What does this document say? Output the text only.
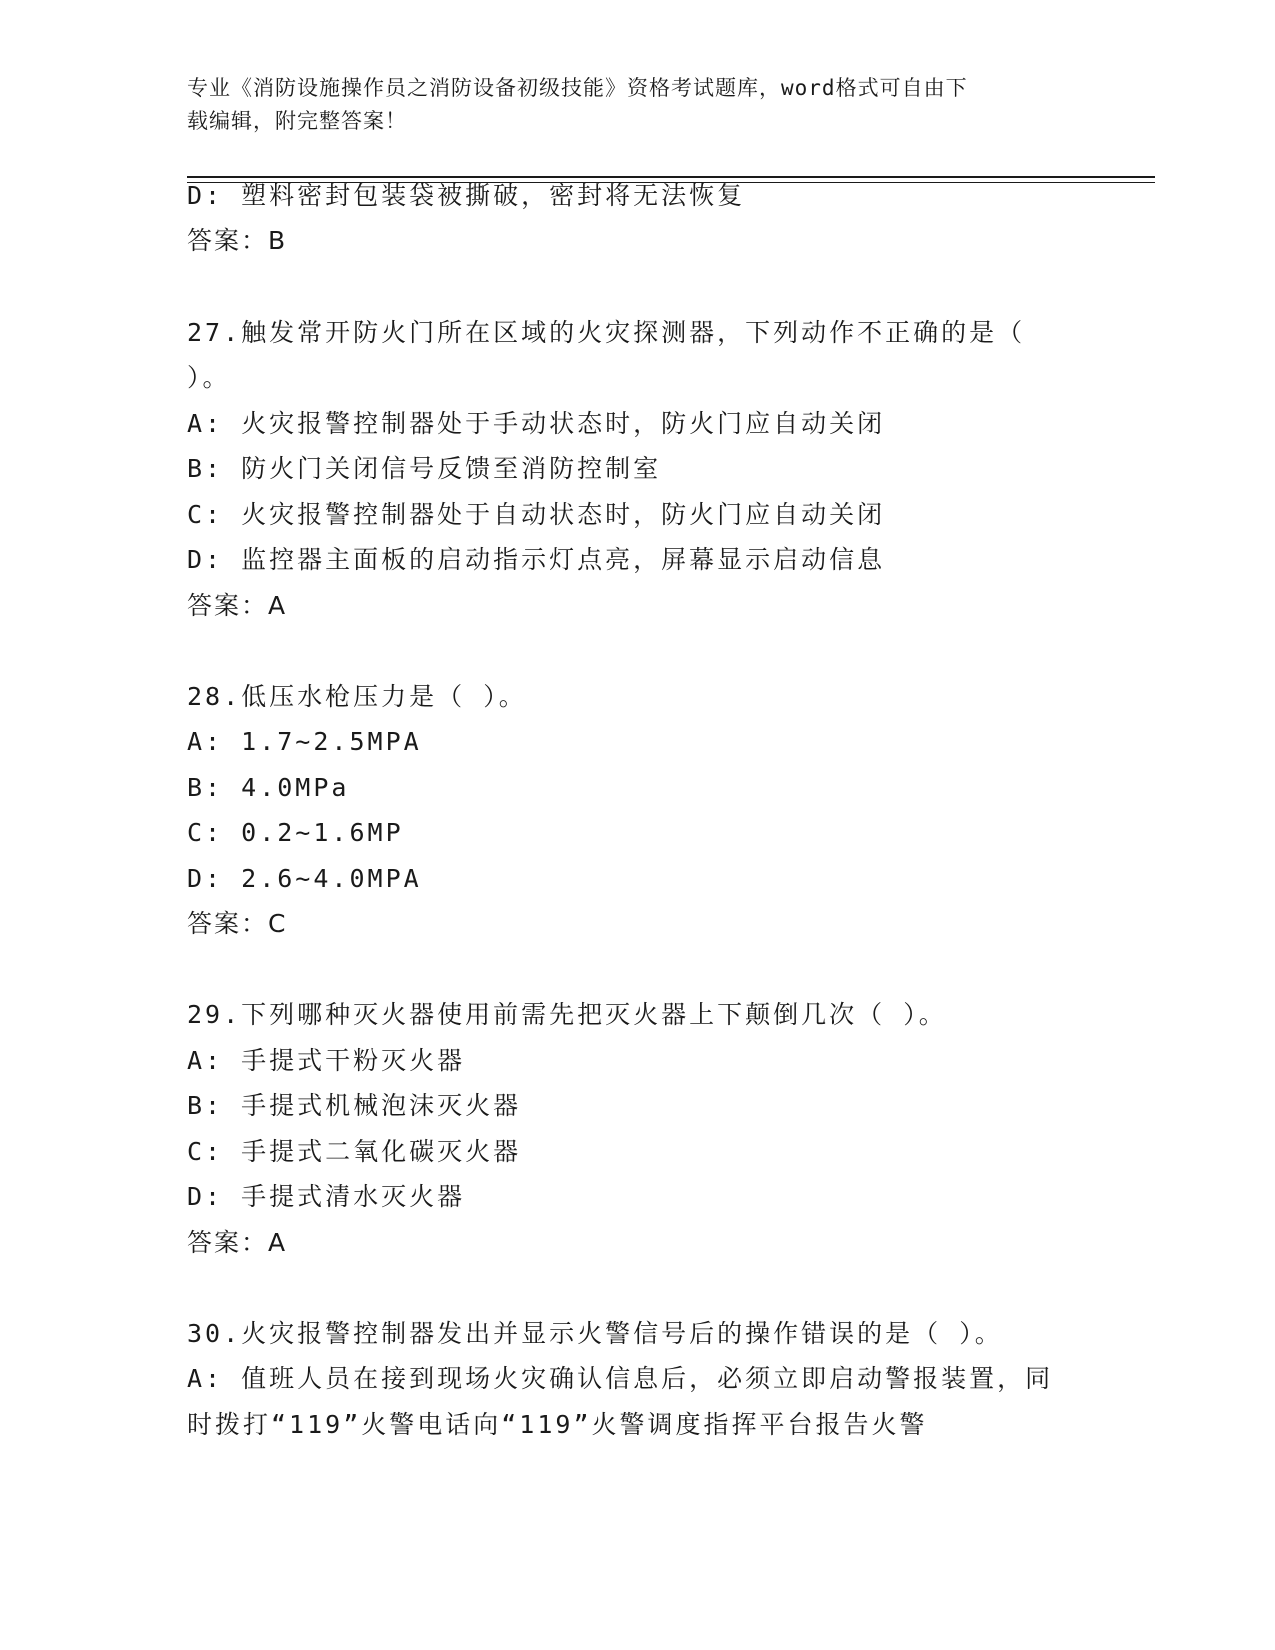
专业《消防设施操作员之消防设备初级技能》资格考试题库，word格式可自由下
载编辑，附完整答案！
D: 塑料密封包装袋被撕破，密封将无法恢复
答案：B
27.触发常开防火门所在区域的火灾探测器，下列动作不正确的是（
）。
A: 火灾报警控制器处于手动状态时，防火门应自动关闭
B: 防火门关闭信号反馈至消防控制室
C: 火灾报警控制器处于自动状态时，防火门应自动关闭
D: 监控器主面板的启动指示灯点亮，屏幕显示启动信息
答案：A
28.低压水枪压力是（ ）。
A: 1.7~2.5MPA
B: 4.0MPa
C: 0.2~1.6MP
D: 2.6~4.0MPA
答案：C
29.下列哪种灭火器使用前需先把灭火器上下颠倒几次（ ）。
A: 手提式干粉灭火器
B: 手提式机械泡沫灭火器
C: 手提式二氧化碳灭火器
D: 手提式清水灭火器
答案：A
30.火灾报警控制器发出并显示火警信号后的操作错误的是（ ）。
A: 值班人员在接到现场火灾确认信息后，必须立即启动警报装置，同
时拨打“119”火警电话向“119”火警调度指挥平台报告火警
